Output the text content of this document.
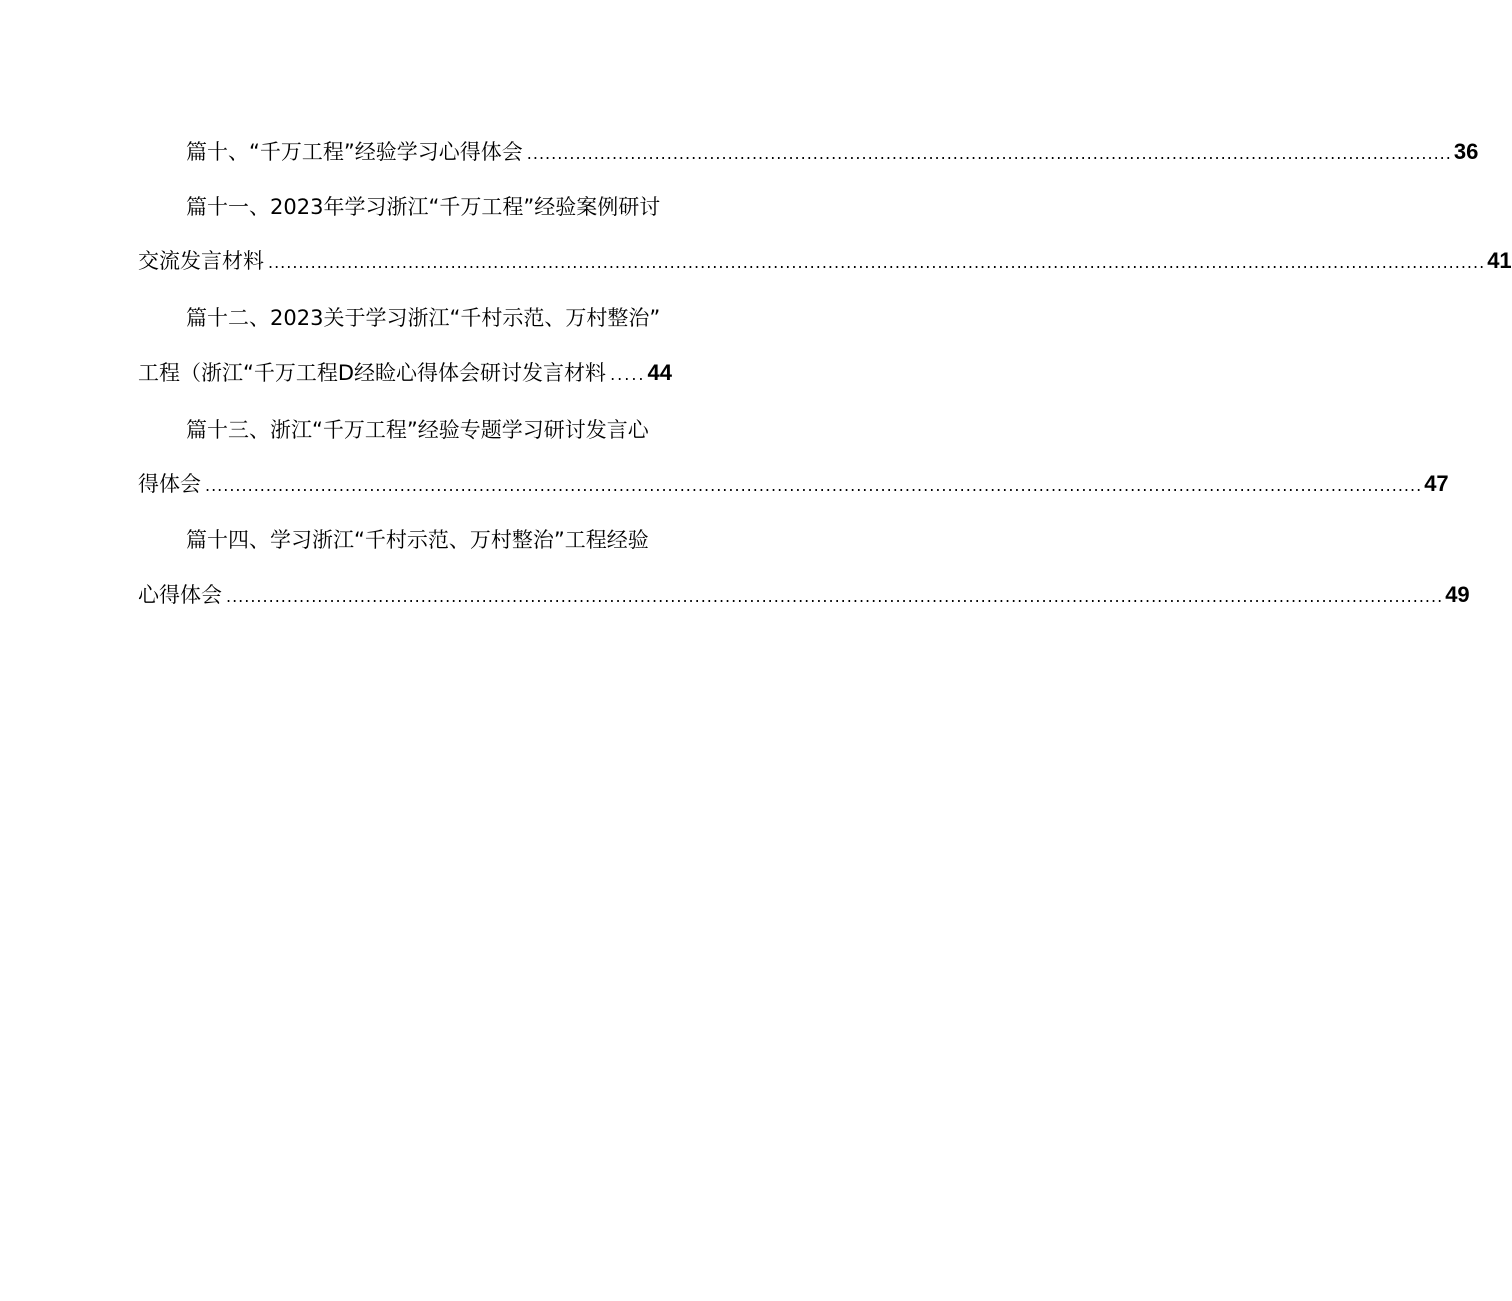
篇十、“千万工程”经验学习心得体会 ........................................................................................................................................................ 36
篇十一、2023年学习浙江“千万工程”经验案例研讨
交流发言材料 ........................................................................................................................................................................................................ 41
篇十二、2023关于学习浙江“千村示范、万村整治”
工程（浙江“千万工程D经睑心得体会研讨发言材料 ..... 44
篇十三、浙江“千万工程”经验专题学习研讨发言心
得体会 ........................................................................................................................................................................................................ 47
篇十四、学习浙江“千村示范、万村整治”工程经验
心得体会 ........................................................................................................................................................................................................ 49
